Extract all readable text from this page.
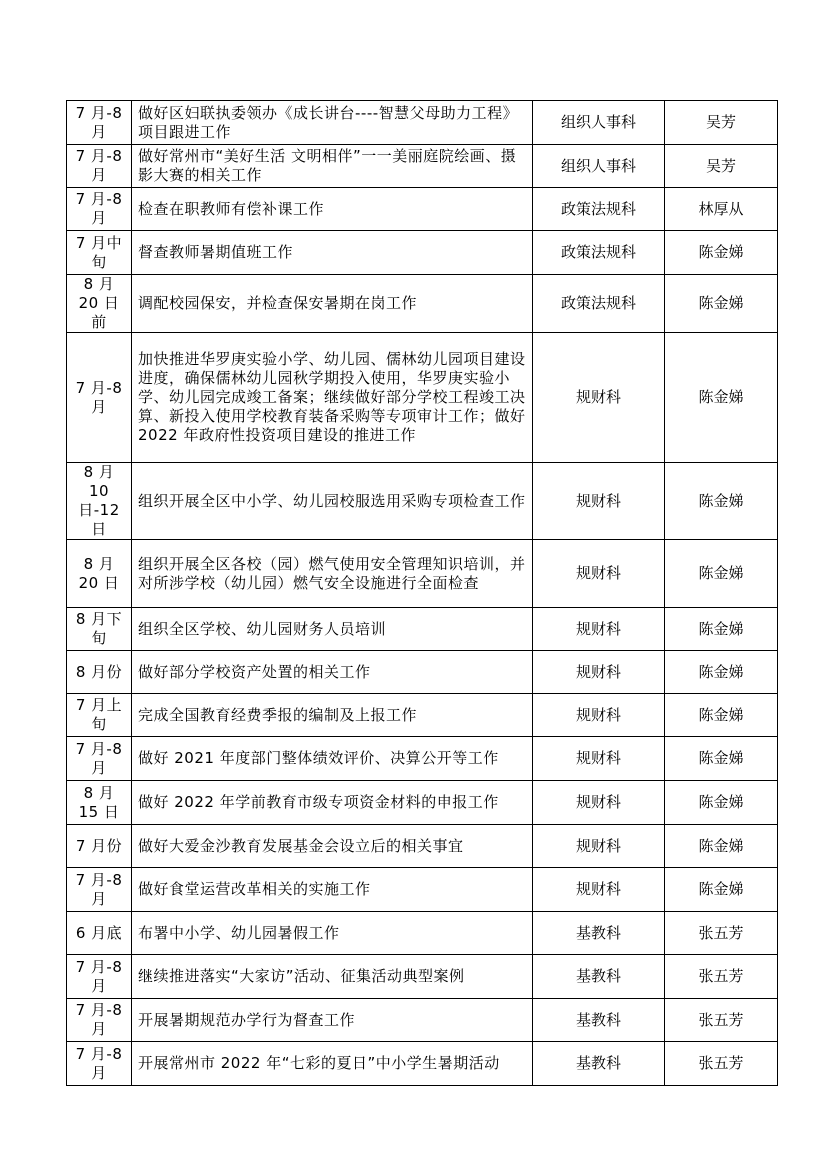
7 月-8 月	做好区妇联执委领办《成长讲台----智慧父母助力工程》项目跟进工作	组织人事科	吴芳
7 月-8 月	做好常州市“美好生活 文明相伴”一一美丽庭院绘画、摄影大赛的相关工作	组织人事科	吴芳
7 月-8 月	检查在职教师有偿补课工作	政策法规科	林厚从
7 月中旬	督查教师暑期值班工作	政策法规科	陈金娣
8 月 20 日前	调配校园保安，并检查保安暑期在岗工作	政策法规科	陈金娣
7 月-8 月	加快推进华罗庚实验小学、幼儿园、儒林幼儿园项目建设进度，确保儒林幼儿园秋学期投入使用，华罗庚实验小学、幼儿园完成竣工备案；继续做好部分学校工程竣工决算、新投入使用学校教育装备采购等专项审计工作；做好 2022 年政府性投资项目建设的推进工作	规财科	陈金娣
8 月 10 日-12 日	组织开展全区中小学、幼儿园校服选用采购专项检查工作	规财科	陈金娣
8 月 20 日	组织开展全区各校（园）燃气使用安全管理知识培训，并对所涉学校（幼儿园）燃气安全设施进行全面检查	规财科	陈金娣
8 月下旬	组织全区学校、幼儿园财务人员培训	规财科	陈金娣
8 月份	做好部分学校资产处置的相关工作	规财科	陈金娣
7 月上旬	完成全国教育经费季报的编制及上报工作	规财科	陈金娣
7 月-8 月	做好 2021 年度部门整体绩效评价、决算公开等工作	规财科	陈金娣
8 月 15 日	做好 2022 年学前教育市级专项资金材料的申报工作	规财科	陈金娣
7 月份	做好大爱金沙教育发展基金会设立后的相关事宜	规财科	陈金娣
7 月-8 月	做好食堂运营改革相关的实施工作	规财科	陈金娣
6 月底	布署中小学、幼儿园暑假工作	基教科	张五芳
7 月-8 月	继续推进落实“大家访”活动、征集活动典型案例	基教科	张五芳
7 月-8 月	开展暑期规范办学行为督查工作	基教科	张五芳
7 月-8 月	开展常州市 2022 年“七彩的夏日”中小学生暑期活动	基教科	张五芳
